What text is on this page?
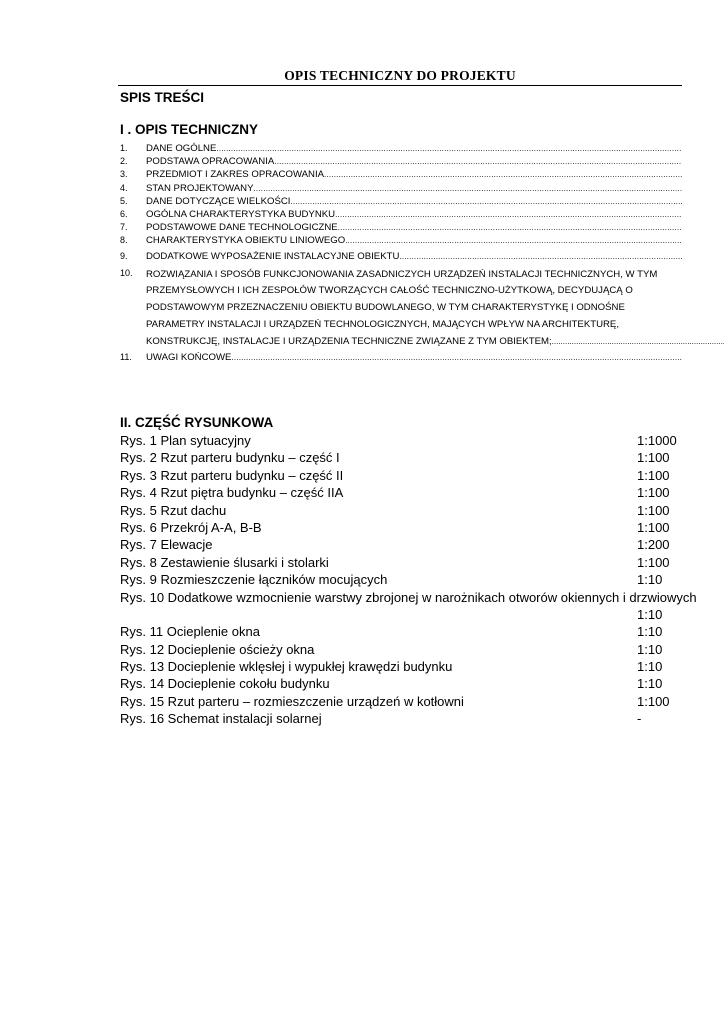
OPIS TECHNICZNY DO PROJEKTU
SPIS TREŚCI
I . OPIS TECHNICZNY
1.	DANE OGÓLNE
.....
2.	PODSTAWA OPRACOWANIA
.....
3.	PRZEDMIOT I ZAKRES OPRACOWANIA
.....
4.	STAN PROJEKTOWANY
.....
5.	DANE DOTYCZĄCE WIELKOŚCI
.....
6.	OGÓLNA CHARAKTERYSTYKA BUDYNKU
.....
7.	PODSTAWOWE DANE TECHNOLOGICZNE
.....
8.	CHARAKTERYSTYKA OBIEKTU LINIOWEGO
.....
9.	DODATKOWE WYPOSAŻENIE INSTALACYJNE OBIEKTU
.....
10.	ROZWIĄZANIA I SPOSÓB FUNKCJONOWANIA ZASADNICZYCH URZĄDZEŃ INSTALACJI TECHNICZNYCH, W TYM
PRZEMYSŁOWYCH I ICH ZESPOŁÓW TWORZĄCYCH CAŁOŚĆ TECHNICZNO-UŻYTKOWĄ, DECYDUJĄCĄ O
PODSTAWOWYM PRZEZNACZENIU OBIEKTU BUDOWLANEGO, W TYM CHARAKTERYSTYKĘ I ODNOŚNE
PARAMETRY INSTALACJI I URZĄDZEŃ TECHNOLOGICZNYCH, MAJĄCYCH WPŁYW NA ARCHITEKTURĘ,
KONSTRUKCJĘ, INSTALACJE I URZĄDZENIA TECHNICZNE ZWIĄZANE Z TYM OBIEKTEM;
.....
11.	UWAGI KOŃCOWE
.....
II. CZĘŚĆ RYSUNKOWA
Rys. 1 Plan sytuacyjny	1:1000
Rys. 2 Rzut parteru budynku – część I	1:100
Rys. 3 Rzut parteru budynku – część II	1:100
Rys. 4 Rzut piętra budynku – część IIA	1:100
Rys. 5 Rzut dachu	1:100
Rys. 6 Przekrój A-A, B-B	1:100
Rys. 7 Elewacje	1:200
Rys. 8 Zestawienie ślusarki i stolarki	1:100
Rys. 9 Rozmieszczenie łączników mocujących	1:10
Rys. 10 Dodatkowe wzmocnienie warstwy zbrojonej w narożnikach otworów okiennych i drzwiowych
1:10
Rys. 11 Ocieplenie okna	1:10
Rys. 12 Docieplenie ościeży okna	1:10
Rys. 13 Docieplenie wklęsłej i wypukłej krawędzi budynku	1:10
Rys. 14 Docieplenie cokołu budynku	1:10
Rys. 15 Rzut parteru – rozmieszczenie urządzeń w kotłowni	1:100
Rys. 16 Schemat instalacji solarnej	-
